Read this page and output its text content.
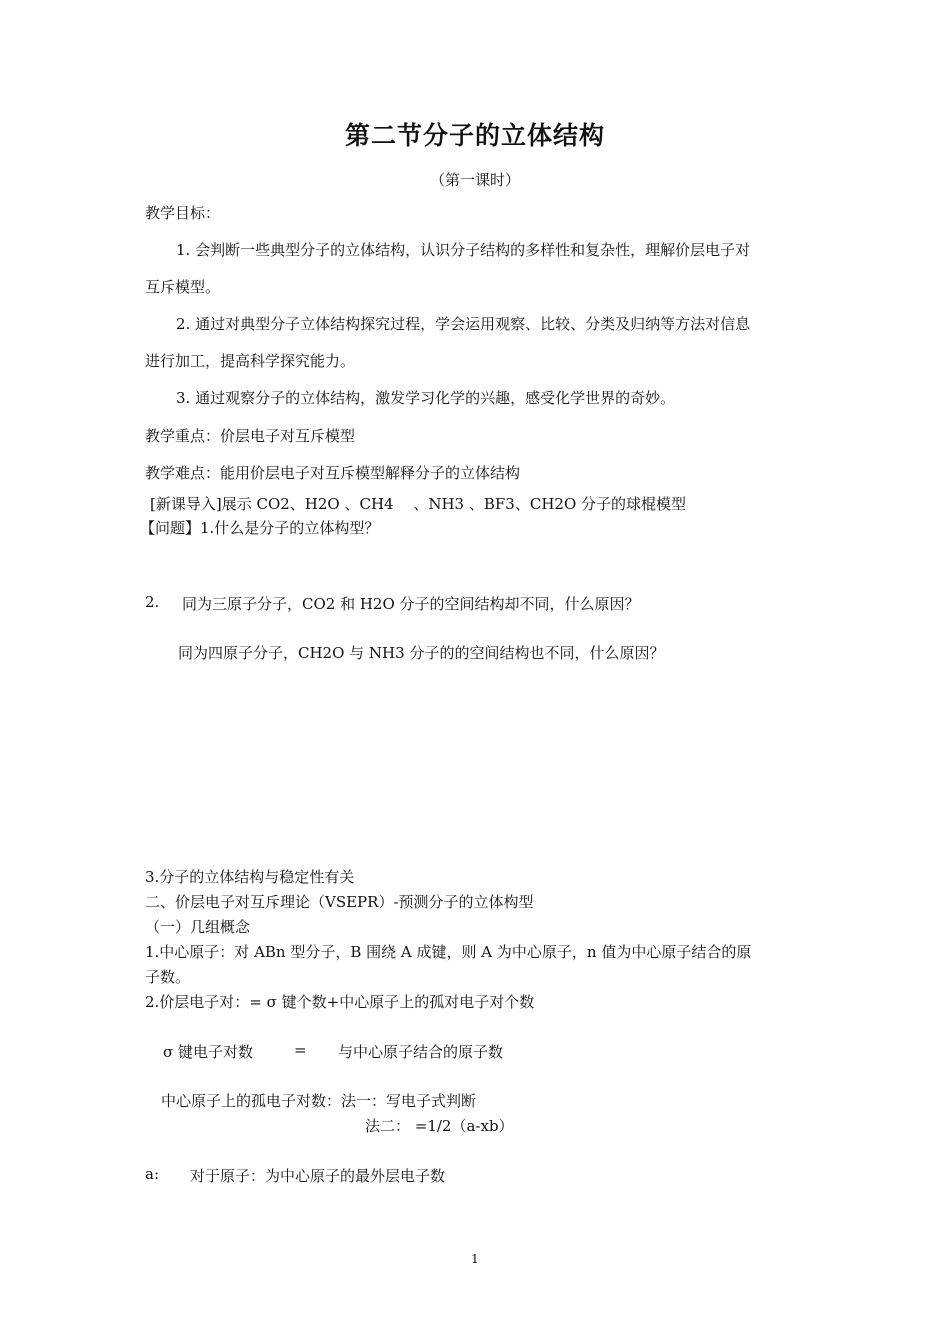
第二节分子的立体结构
（第一课时）
教学目标：
1. 会判断一些典型分子的立体结构，认识分子结构的多样性和复杂性，理解价层电子对
互斥模型。
2. 通过对典型分子立体结构探究过程，学会运用观察、比较、分类及归纳等方法对信息
进行加工，提高科学探究能力。
3. 通过观察分子的立体结构，激发学习化学的兴趣，感受化学世界的奇妙。
教学重点：价层电子对互斥模型
教学难点：能用价层电子对互斥模型解释分子的立体结构
[新课导入]展示 CO2、H2O 、CH4 　、NH3 、BF3、CH2O 分子的球棍模型
【问题】1.什么是分子的立体构型？
2. 同为三原子分子，CO2 和 H2O 分子的空间结构却不同，什么原因？
同为四原子分子，CH2O 与 NH3 分子的的空间结构也不同，什么原因？
3.分子的立体结构与稳定性有关
二、价层电子对互斥理论（VSEPR）-预测分子的立体构型
（一）几组概念
1.中心原子：对 ABn 型分子，B 围绕 A 成键，则 A 为中心原子，n 值为中心原子结合的原
子数。
2.价层电子对：= σ 键个数+中心原子上的孤对电子对个数
σ 键电子对数	= 与中心原子结合的原子数
中心原子上的孤电子对数：法一：写电子式判断
法二： =1/2（a-xb）
a: 对于原子：为中心原子的最外层电子数
1
